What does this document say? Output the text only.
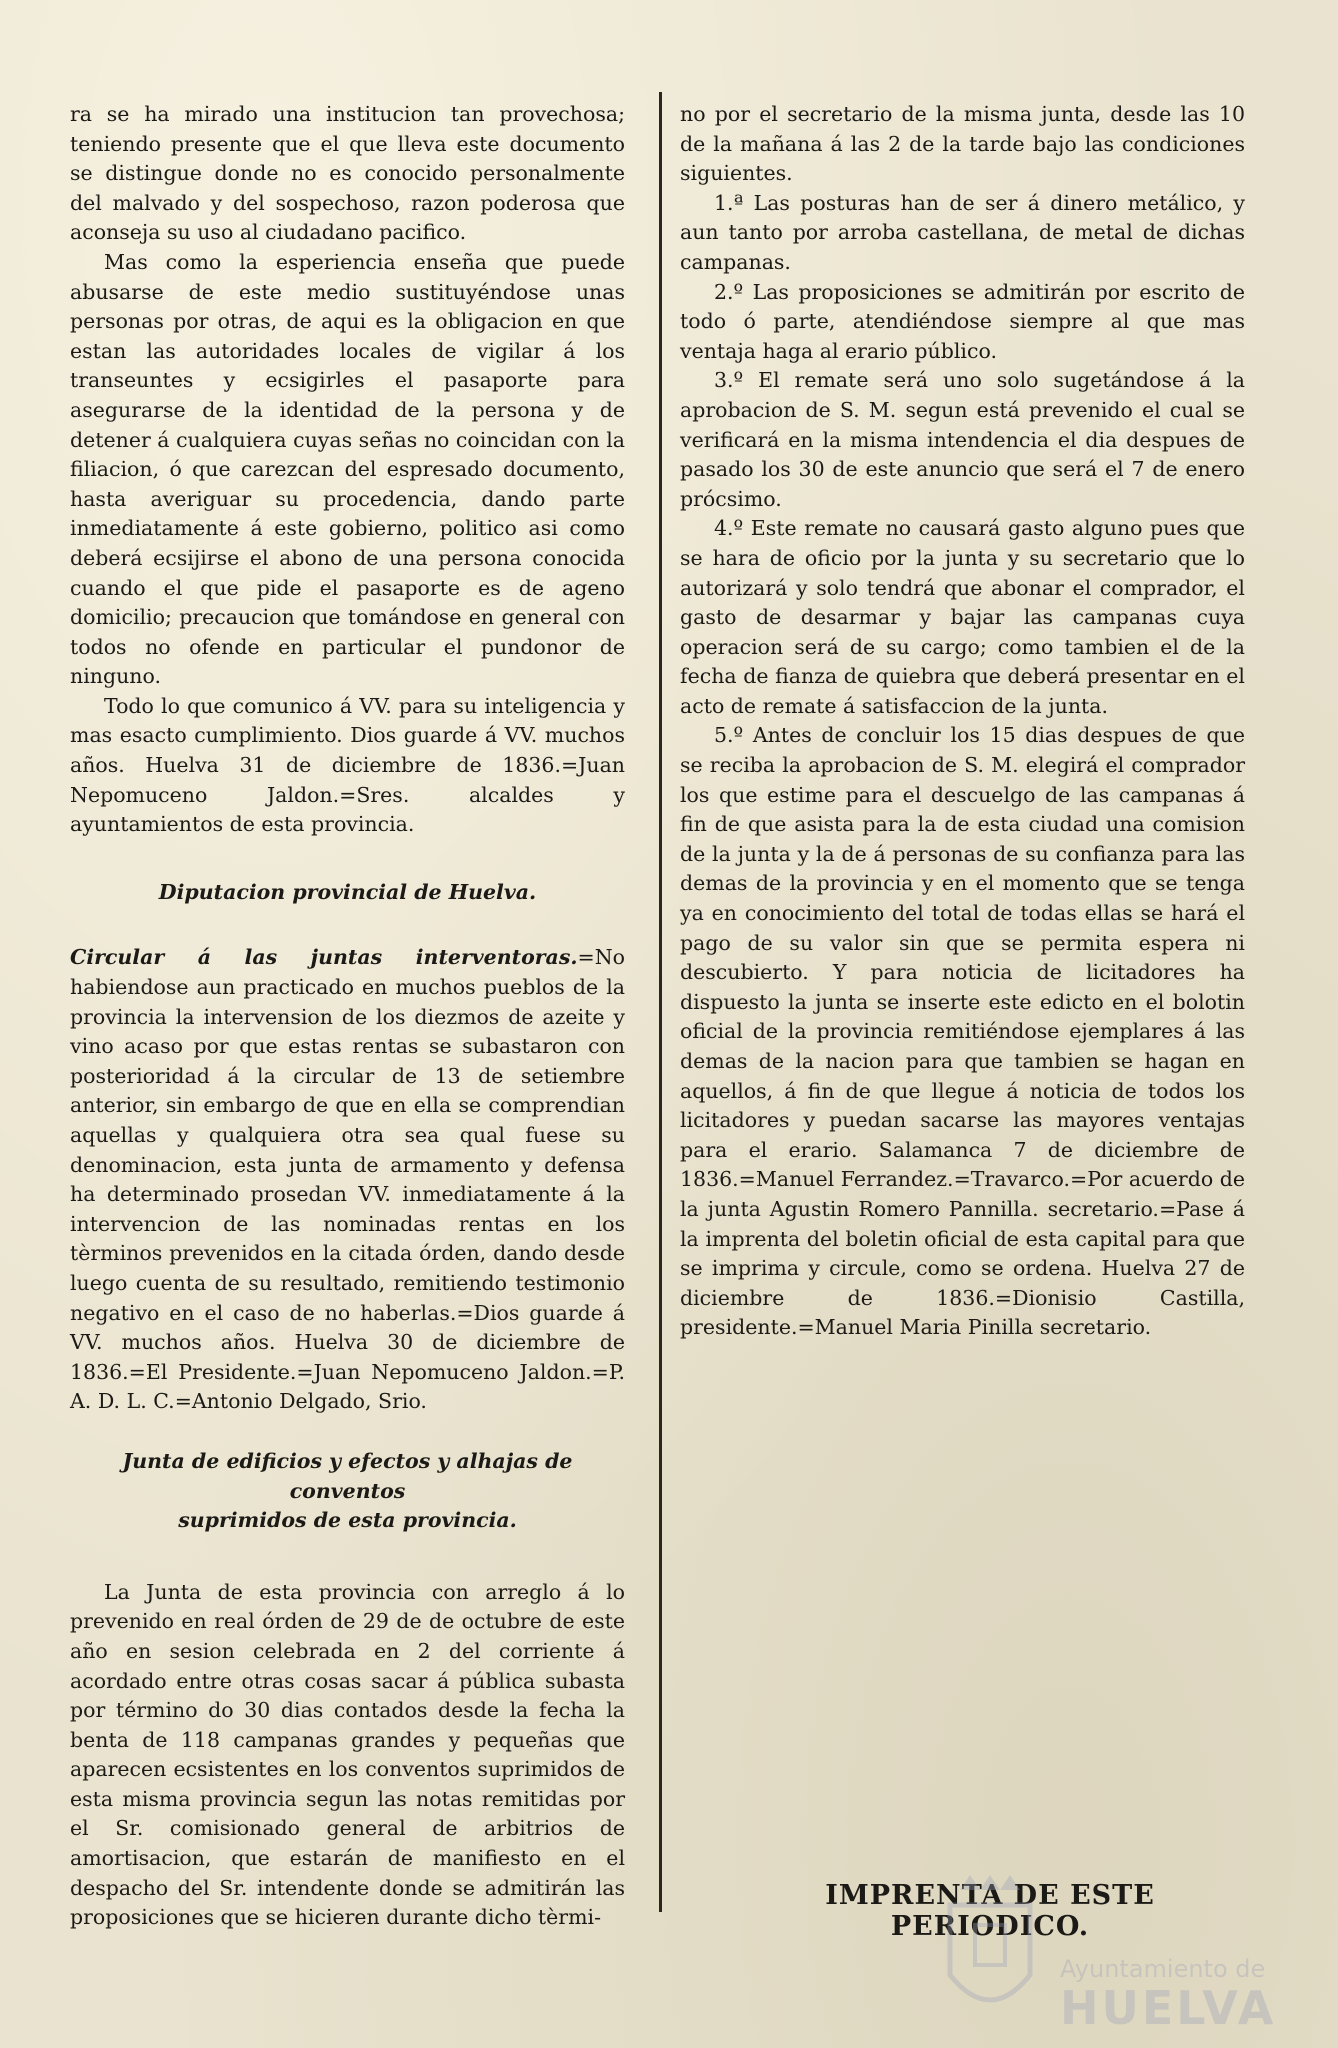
ra se ha mirado una institucion tan provechosa; teniendo presente que el que lleva este documento se distingue donde no es conocido personalmente del malvado y del sospechoso, razon poderosa que aconseja su uso al ciudadano pacifico.

Mas como la esperiencia enseña que puede abusarse de este medio sustituyéndose unas personas por otras, de aqui es la obligacion en que estan las autoridades locales de vigilar á los transeuntes y ecsigirles el pasaporte para asegurarse de la identidad de la persona y de detener á cualquiera cuyas señas no coincidan con la filiacion, ó que carezcan del espresado documento, hasta averiguar su procedencia, dando parte inmediatamente á este gobierno, politico asi como deberá ecsijirse el abono de una persona conocida cuando el que pide el pasaporte es de ageno domicilio; precaucion que tomándose en general con todos no ofende en particular el pundonor de ninguno.

Todo lo que comunico á VV. para su inteligencia y mas esacto cumplimiento. Dios guarde á VV. muchos años. Huelva 31 de diciembre de 1836.=Juan Nepomuceno Jaldon.=Sres. alcaldes y ayuntamientos de esta provincia.

Diputacion provincial de Huelva.

Circular á las juntas interventoras.=No habiendose aun practicado en muchos pueblos de la provincia la intervension de los diezmos de azeite y vino acaso por que estas rentas se subastaron con posterioridad á la circular de 13 de setiembre anterior, sin embargo de que en ella se comprendian aquellas y qualquiera otra sea qual fuese su denominacion, esta junta de armamento y defensa ha determinado prosedan VV. inmediatamente á la intervencion de las nominadas rentas en los tèrminos prevenidos en la citada órden, dando desde luego cuenta de su resultado, remitiendo testimonio negativo en el caso de no haberlas.=Dios guarde á VV. muchos años. Huelva 30 de diciembre de 1836.=El Presidente.=Juan Nepomuceno Jaldon.=P. A. D. L. C.=Antonio Delgado, Srio.

Junta de edificios y efectos y alhajas de conventos
suprimidos de esta provincia.

La Junta de esta provincia con arreglo á lo prevenido en real órden de 29 de de octubre de este año en sesion celebrada en 2 del corriente á acordado entre otras cosas sacar á pública subasta por término do 30 dias contados desde la fecha la benta de 118 campanas grandes y pequeñas que aparecen ecsistentes en los conventos suprimidos de esta misma provincia segun las notas remitidas por el Sr. comisionado general de arbitrios de amortisacion, que estarán de manifiesto en el despacho del Sr. intendente donde se admitirán las proposiciones que se hicieren durante dicho tèrmi-

no por el secretario de la misma junta, desde las 10 de la mañana á las 2 de la tarde bajo las condiciones siguientes.

1.ª Las posturas han de ser á dinero metálico, y aun tanto por arroba castellana, de metal de dichas campanas.

2.º Las proposiciones se admitirán por escrito de todo ó parte, atendiéndose siempre al que mas ventaja haga al erario público.

3.º El remate será uno solo sugetándose á la aprobacion de S. M. segun está prevenido el cual se verificará en la misma intendencia el dia despues de pasado los 30 de este anuncio que será el 7 de enero prócsimo.

4.º Este remate no causará gasto alguno pues que se hara de oficio por la junta y su secretario que lo autorizará y solo tendrá que abonar el comprador, el gasto de desarmar y bajar las campanas cuya operacion será de su cargo; como tambien el de la fecha de fianza de quiebra que deberá presentar en el acto de remate á satisfaccion de la junta.

5.º Antes de concluir los 15 dias despues de que se reciba la aprobacion de S. M. elegirá el comprador los que estime para el descuelgo de las campanas á fin de que asista para la de esta ciudad una comision de la junta y la de á personas de su confianza para las demas de la provincia y en el momento que se tenga ya en conocimiento del total de todas ellas se hará el pago de su valor sin que se permita espera ni descubierto. Y para noticia de licitadores ha dispuesto la junta se inserte este edicto en el bolotin oficial de la provincia remitiéndose ejemplares á las demas de la nacion para que tambien se hagan en aquellos, á fin de que llegue á noticia de todos los licitadores y puedan sacarse las mayores ventajas para el erario. Salamanca 7 de diciembre de 1836.=Manuel Ferrandez.=Travarco.=Por acuerdo de la junta Agustin Romero Pannilla. secretario.=Pase á la imprenta del boletin oficial de esta capital para que se imprima y circule, como se ordena. Huelva 27 de diciembre de 1836.=Dionisio Castilla, presidente.=Manuel Maria Pinilla secretario.

IMPRENTA DE ESTE PERIODICO.
Ayuntamiento de
HUELVA
